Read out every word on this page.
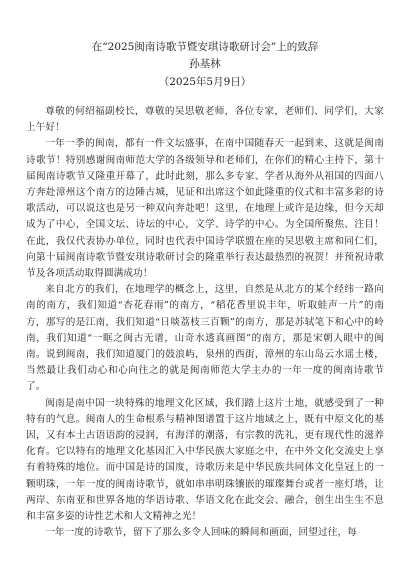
在“2025闽南诗歌节暨安琪诗歌研讨会”上的致辞
孙基林
（2025年5月9日）

尊敬的何绍福副校长，尊敬的吴思敬老师，各位专家，老师们、同学们，大家上午好！

一年一季的闽南，都有一件文坛盛事，在南中国随春天一起到来，这就是闽南诗歌节！特别感谢闽南师范大学的各级领导和老师们，在你们的精心主持下，第十届闽南诗歌节又隆重开幕了，此时此刻，那么多专家、学者从海外从祖国的四面八方奔赴漳州这个南方的边陲古城，见证和出席这个如此隆重的仪式和丰富多彩的诗歌活动，可以说这也是另一种双向奔赴吧！这里，在地理上或许是边缘，但今天却成为了中心，全国文坛、诗坛的中心，文学、诗学的中心。为全国所聚焦、注目！在此，我仅代表协办单位，同时也代表中国诗学联盟在座的吴思敬主席和同仁们，向第十届闽南诗歌节暨安琪诗歌研讨会的隆重举行表达最热烈的祝贺！并预祝诗歌节及各项活动取得圆满成功！

来自北方的我们，在地理学的概念上，这里，自然是从北方的某个经纬一路向南的南方，我们知道“杏花春雨”的南方，“稻花香里说丰年，听取蛙声一片”的南方，那写的是江南，我们知道“日啖荔枝三百颗”的南方，那是苏轼笔下和心中的岭南，我们知道“一眶之闽古无谱，山奇水透真画图”的南方，那是宋朝人眼中的闽南。说到闽南，我们知道厦门的鼓浪屿，泉州的西街，漳州的东山岛云水谣土楼，当然最让我们动心和心向往之的就是闽南师范大学主办的一年一度的闽南诗歌节了。

闽南是南中国一块特殊的地理文化区域，我们踏上这片土地，就感受到了一种特有的气息。闽南人的生命根系与精神图谱置于这片地域之上，既有中原文化的基因，又有本土古语语韵的浸润，有海洋的潮落，有宗教的洗礼，更有现代性的滋养化育。它以特有的地理文化基因汇入中华民族大家庭之中，在中外文化交流史上享有着特殊的地位。而中国是诗的国度，诗歌历来是中华民族共同体文化皇冠上的一颗明珠，一年一度的闽南诗歌节，就如串串明珠镶嵌的璀璨舞台或者一座灯塔，让两岸、东南亚和世界各地的华语诗歌、华语文化在此交会、融合，创生出生生不息和丰富多姿的诗性艺术和人文精神之光！

一年一度的诗歌节，留下了那么多令人回味的瞬间和画面，回望过往，每
